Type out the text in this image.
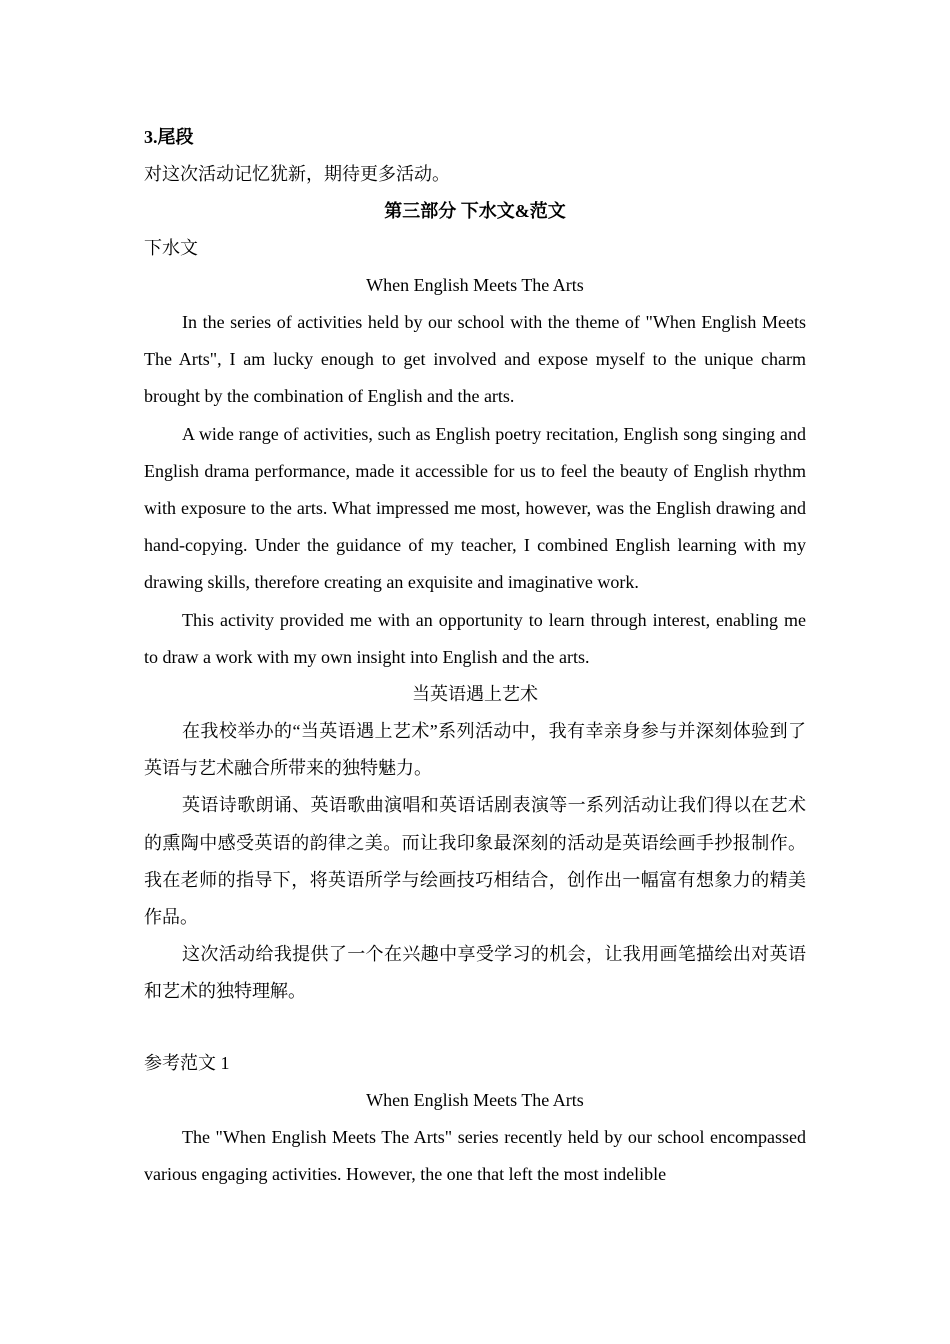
3.尾段

对这次活动记忆犹新，期待更多活动。

第三部分 下水文&范文

下水文

When English Meets The Arts

In the series of activities held by our school with the theme of "When English Meets The Arts", I am lucky enough to get involved and expose myself to the unique charm brought by the combination of English and the arts.

A wide range of activities, such as English poetry recitation, English song singing and English drama performance, made it accessible for us to feel the beauty of English rhythm with exposure to the arts. What impressed me most, however, was the English drawing and hand-copying. Under the guidance of my teacher, I combined English learning with my drawing skills, therefore creating an exquisite and imaginative work.

This activity provided me with an opportunity to learn through interest, enabling me to draw a work with my own insight into English and the arts.

当英语遇上艺术

在我校举办的“当英语遇上艺术”系列活动中，我有幸亲身参与并深刻体验到了英语与艺术融合所带来的独特魅力。

英语诗歌朗诵、英语歌曲演唱和英语话剧表演等一系列活动让我们得以在艺术的熏陶中感受英语的韵律之美。而让我印象最深刻的活动是英语绘画手抄报制作。我在老师的指导下，将英语所学与绘画技巧相结合，创作出一幅富有想象力的精美作品。

这次活动给我提供了一个在兴趣中享受学习的机会，让我用画笔描绘出对英语和艺术的独特理解。

参考范文 1

When English Meets The Arts

The "When English Meets The Arts" series recently held by our school encompassed various engaging activities. However, the one that left the most indelible
